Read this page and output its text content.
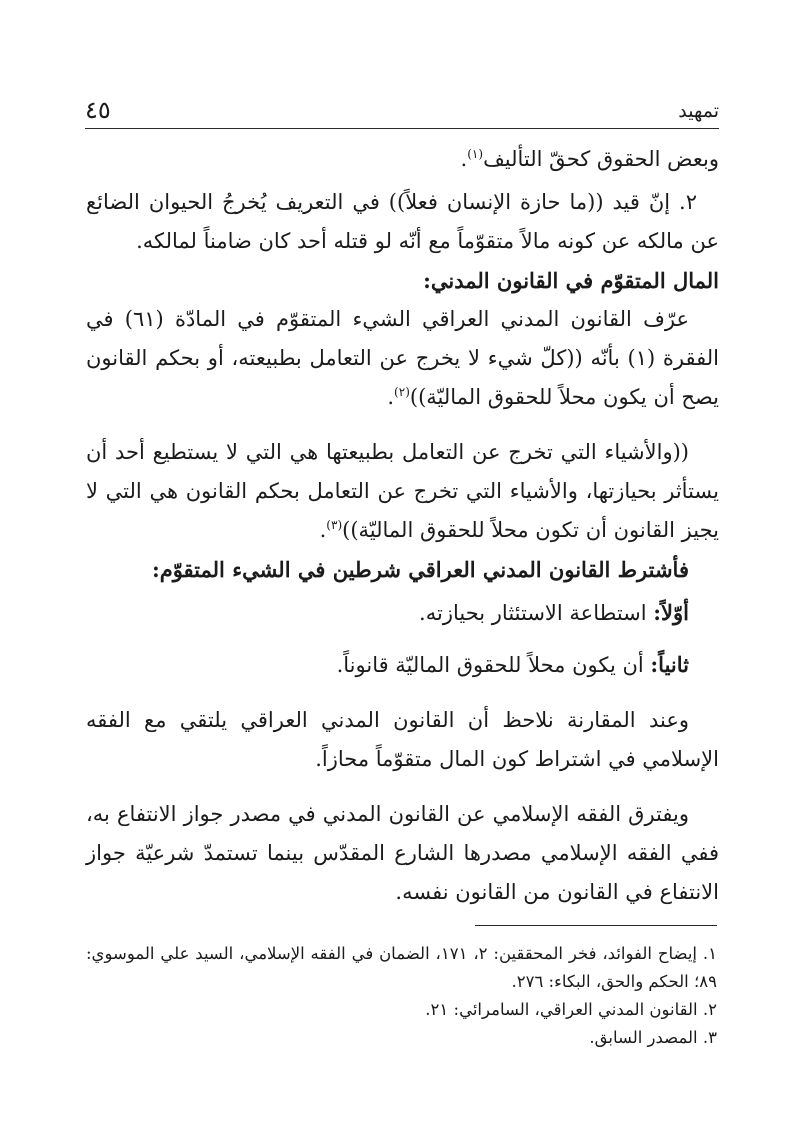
تمهيد
٤٥

وبعض الحقوق كحقّ التأليف$^{(١)}$.

٢. إنّ قيد ((ما حازة الإنسان فعلاً)) في التعريف يُخرجُ الحيوان الضائع عن مالكه عن كونه مالاً متقوّماً مع أنّه لو قتله أحد كان ضامناً لمالكه.

المال المتقوّم في القانون المدني:

عرّف القانون المدني العراقي الشيء المتقوّم في المادّة (٦١) في الفقرة (١) بأنّه ((كلّ شيء لا يخرج عن التعامل بطبيعته، أو بحكم القانون يصح أن يكون محلاً للحقوق الماليّة))$^{(٢)}$.

((والأشياء التي تخرج عن التعامل بطبيعتها هي التي لا يستطيع أحد أن يستأثر بحيازتها، والأشياء التي تخرج عن التعامل بحكم القانون هي التي لا يجيز القانون أن تكون محلاً للحقوق الماليّة))$^{(٣)}$.

فأشترط القانون المدني العراقي شرطين في الشيء المتقوّم:

أوّلاً: استطاعة الاستئثار بحيازته.

ثانياً: أن يكون محلاً للحقوق الماليّة قانوناً.

وعند المقارنة نلاحظ أن القانون المدني العراقي يلتقي مع الفقه الإسلامي في اشتراط كون المال متقوّماً محازاً.

ويفترق الفقه الإسلامي عن القانون المدني في مصدر جواز الانتفاع به، ففي الفقه الإسلامي مصدرها الشارع المقدّس بينما تستمدّ شرعيّة جواز الانتفاع في القانون من القانون نفسه.

١. إيضاح الفوائد، فخر المحققين: ٢، ١٧١، الضمان في الفقه الإسلامي، السيد علي الموسوي: ٨٩؛ الحكم والحق، البكاء: ٢٧٦.

٢. القانون المدني العراقي، السامرائي: ٢١.

٣. المصدر السابق.
